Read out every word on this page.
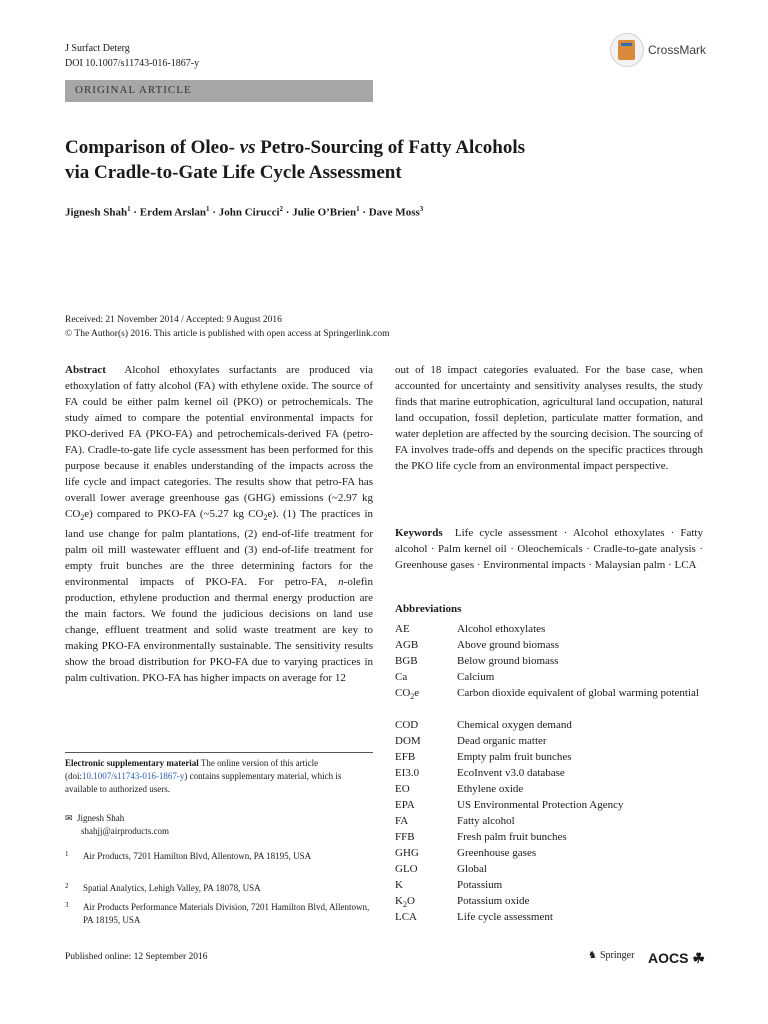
J Surfact Deterg
DOI 10.1007/s11743-016-1867-y
CrossMark
ORIGINAL ARTICLE
Comparison of Oleo- vs Petro-Sourcing of Fatty Alcohols
via Cradle-to-Gate Life Cycle Assessment
Jignesh Shah$^1$ · Erdem Arslan$^1$ · John Cirucci$^2$ · Julie O’Brien$^1$ · Dave Moss$^3$
Received: 21 November 2014 / Accepted: 9 August 2016
© The Author(s) 2016. This article is published with open access at Springerlink.com
Abstract Alcohol ethoxylates surfactants are produced via ethoxylation of fatty alcohol (FA) with ethylene oxide. The source of FA could be either palm kernel oil (PKO) or petrochemicals. The study aimed to compare the potential environmental impacts for PKO-derived FA (PKO-FA) and petrochemicals-derived FA (petro-FA). Cradle-to-gate life cycle assessment has been performed for this purpose because it enables understanding of the impacts across the life cycle and impact categories. The results show that petro-FA has overall lower average greenhouse gas (GHG) emissions (~2.97 kg $CO_2e$) compared to PKO-FA (~5.27 kg $CO_2e$). (1) The practices in land use change for palm plantations, (2) end-of-life treatment for palm oil mill wastewater effluent and (3) end-of-life treatment for empty fruit bunches are the three determining factors for the environmental impacts of PKO-FA. For petro-FA, n-olefin production, ethylene production and thermal energy production are the main factors. We found the judicious decisions on land use change, effluent treatment and solid waste treatment are key to making PKO-FA environmentally sustainable. The sensitivity results show the broad distribution for PKO-FA due to varying practices in palm cultivation. PKO-FA has higher impacts on average for 12
Electronic supplementary material The online version of this article (doi:10.1007/s11743-016-1867-y) contains supplementary material, which is available to authorized users.
✉ Jignesh Shah
shahjj@airproducts.com
1 Air Products, 7201 Hamilton Blvd, Allentown, PA 18195, USA
2 Spatial Analytics, Lehigh Valley, PA 18078, USA
3 Air Products Performance Materials Division, 7201 Hamilton Blvd, Allentown, PA 18195, USA
out of 18 impact categories evaluated. For the base case, when accounted for uncertainty and sensitivity analyses results, the study finds that marine eutrophication, agricultural land occupation, natural land occupation, fossil depletion, particulate matter formation, and water depletion are affected by the sourcing decision. The sourcing of FA involves trade-offs and depends on the specific practices through the PKO life cycle from an environmental impact perspective.
Keywords Life cycle assessment · Alcohol ethoxylates · Fatty alcohol · Palm kernel oil · Oleochemicals · Cradle-to-gate analysis · Greenhouse gases · Environmental impacts · Malaysian palm · LCA
Abbreviations
AE	Alcohol ethoxylates
AGB	Above ground biomass
BGB	Below ground biomass
Ca	Calcium
$CO_2e$	Carbon dioxide equivalent of global warming potential
COD	Chemical oxygen demand
DOM	Dead organic matter
EFB	Empty palm fruit bunches
EI3.0	EcoInvent v3.0 database
EO	Ethylene oxide
EPA	US Environmental Protection Agency
FA	Fatty alcohol
FFB	Fresh palm fruit bunches
GHG	Greenhouse gases
GLO	Global
K	Potassium
$K_2O$	Potassium oxide
LCA	Life cycle assessment
Published online: 12 September 2016	♞ Springer AOCS ☘
